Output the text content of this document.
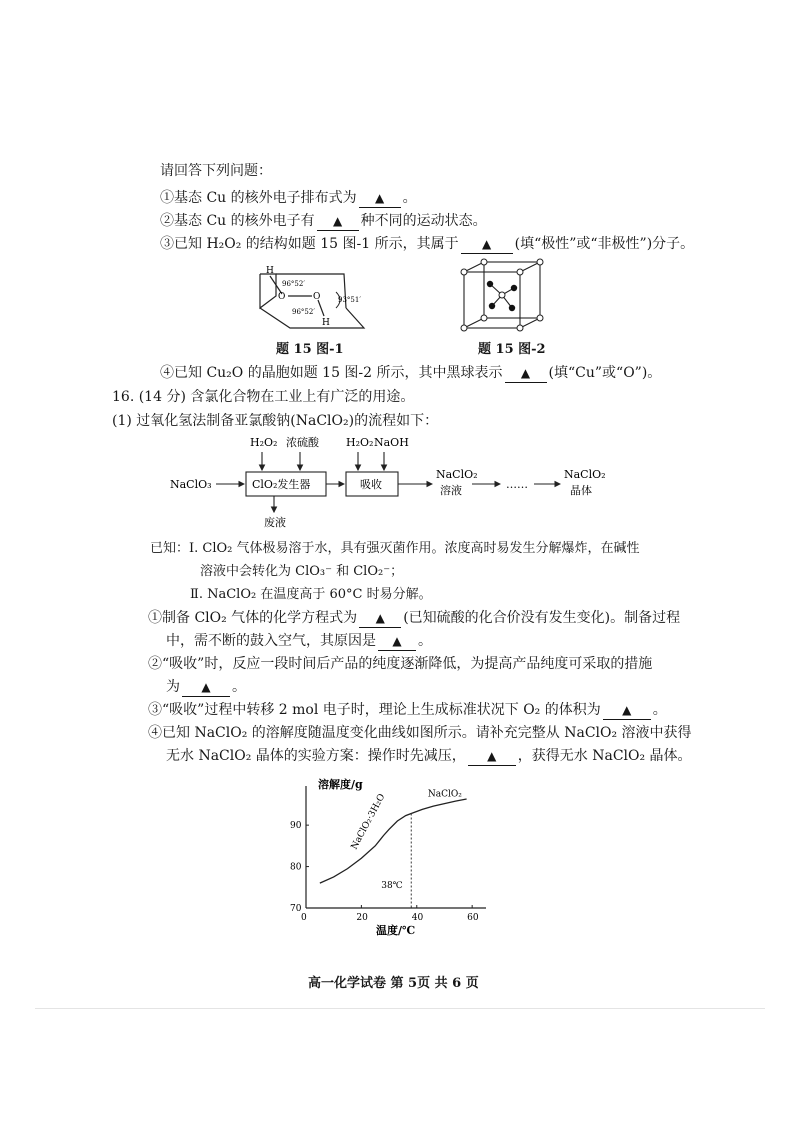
请回答下列问题：
①基态 Cu 的核外电子排布式为 ▲ 。
②基态 Cu 的核外电子有 ▲ 种不同的运动状态。
③已知 H₂O₂ 的结构如题 15 图-1 所示，其属于 ▲ (填“极性”或“非极性”)分子。
H
O	O
H
96°52′
93°51′
96°52′
题 15 图-1	题 15 图-2
④已知 Cu₂O 的晶胞如题 15 图-2 所示，其中黑球表示 ▲ (填“Cu”或“O”)。
16. (14 分) 含氯化合物在工业上有广泛的用途。
(1) 过氧化氢法制备亚氯酸钠(NaClO₂)的流程如下：
NaClO₃
H₂O₂ 浓硫酸 H₂O₂ NaOH
ClO₂发生器	吸收
废液
NaClO₂
溶液	……
NaClO₂
晶体
已知：Ⅰ. ClO₂ 气体极易溶于水，具有强灭菌作用。浓度高时易发生分解爆炸，在碱性
溶液中会转化为 ClO₃⁻ 和 ClO₂⁻；
Ⅱ. NaClO₂ 在温度高于 60°C 时易分解。
①制备 ClO₂ 气体的化学方程式为 ▲ (已知硫酸的化合价没有发生变化)。制备过程
中，需不断的鼓入空气，其原因是 ▲ 。
②“吸收”时，反应一段时间后产品的纯度逐渐降低，为提高产品纯度可采取的措施
为 ▲ 。
③“吸收”过程中转移 2 mol 电子时，理论上生成标准状况下 O₂ 的体积为 ▲ 。
④已知 NaClO₂ 的溶解度随温度变化曲线如图所示。请补充完整从 NaClO₂ 溶液中获得
无水 NaClO₂ 晶体的实验方案：操作时先减压， ▲ ，获得无水 NaClO₂ 晶体。
0	20	40	60
70
80
90	NaClO₂·3H₂O	NaClO₂
38℃
溶解度/g
温度/℃
高一化学试卷 第 5页 共 6 页
